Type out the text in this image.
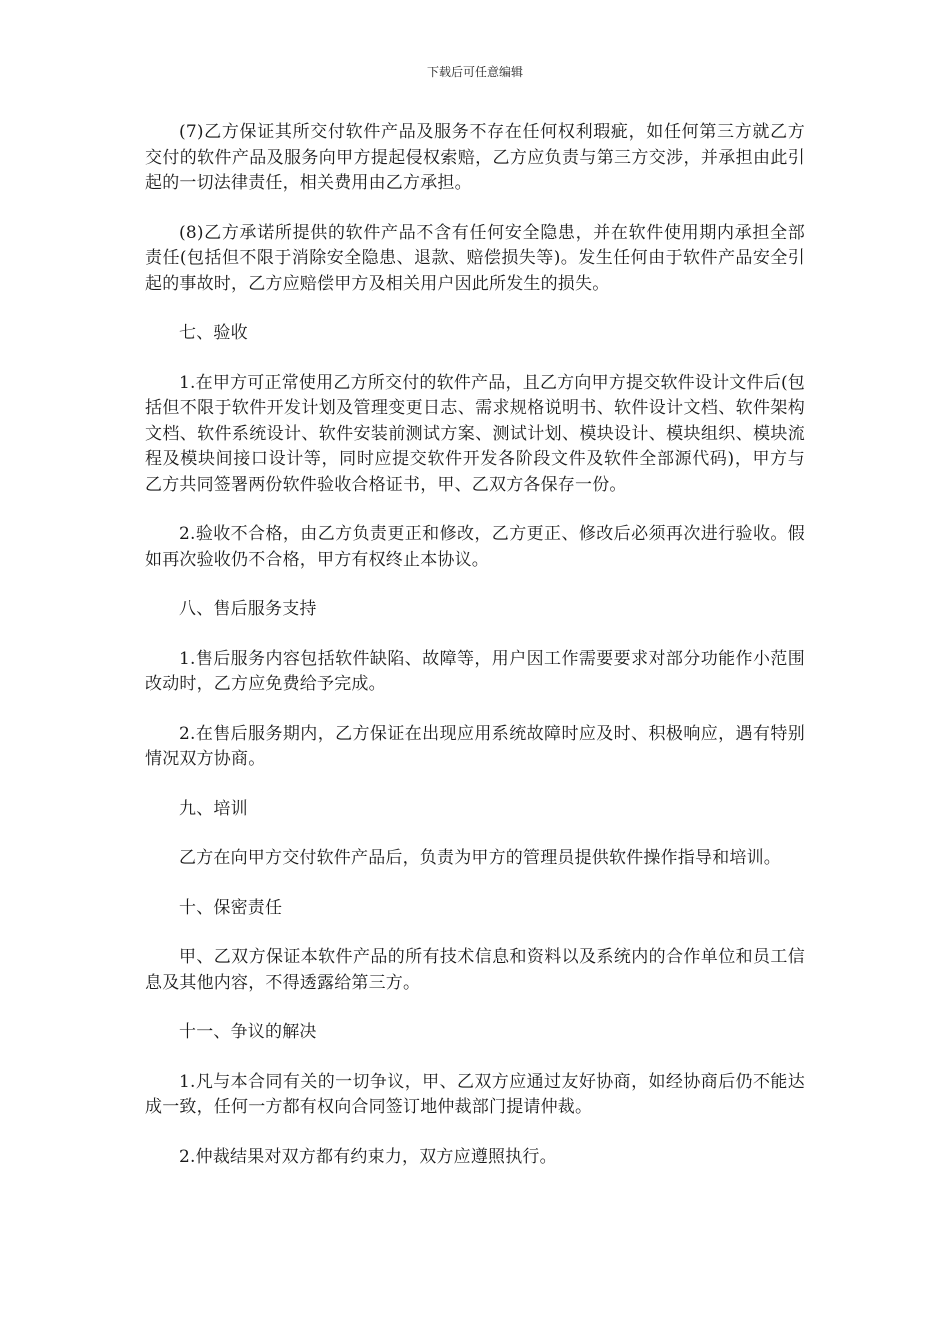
下载后可任意编辑

(7)乙方保证其所交付软件产品及服务不存在任何权利瑕疵，如任何第三方就乙方交付的软件产品及服务向甲方提起侵权索赔，乙方应负责与第三方交涉，并承担由此引起的一切法律责任，相关费用由乙方承担。

(8)乙方承诺所提供的软件产品不含有任何安全隐患，并在软件使用期内承担全部责任(包括但不限于消除安全隐患、退款、赔偿损失等)。发生任何由于软件产品安全引起的事故时，乙方应赔偿甲方及相关用户因此所发生的损失。

七、验收

1.在甲方可正常使用乙方所交付的软件产品，且乙方向甲方提交软件设计文件后(包括但不限于软件开发计划及管理变更日志、需求规格说明书、软件设计文档、软件架构文档、软件系统设计、软件安装前测试方案、测试计划、模块设计、模块组织、模块流程及模块间接口设计等，同时应提交软件开发各阶段文件及软件全部源代码)，甲方与乙方共同签署两份软件验收合格证书，甲、乙双方各保存一份。

2.验收不合格，由乙方负责更正和修改，乙方更正、修改后必须再次进行验收。假如再次验收仍不合格，甲方有权终止本协议。

八、售后服务支持

1.售后服务内容包括软件缺陷、故障等，用户因工作需要要求对部分功能作小范围改动时，乙方应免费给予完成。

2.在售后服务期内，乙方保证在出现应用系统故障时应及时、积极响应，遇有特别情况双方协商。

九、培训

乙方在向甲方交付软件产品后，负责为甲方的管理员提供软件操作指导和培训。

十、保密责任

甲、乙双方保证本软件产品的所有技术信息和资料以及系统内的合作单位和员工信息及其他内容，不得透露给第三方。

十一、争议的解决

1.凡与本合同有关的一切争议，甲、乙双方应通过友好协商，如经协商后仍不能达成一致，任何一方都有权向合同签订地仲裁部门提请仲裁。

2.仲裁结果对双方都有约束力，双方应遵照执行。
